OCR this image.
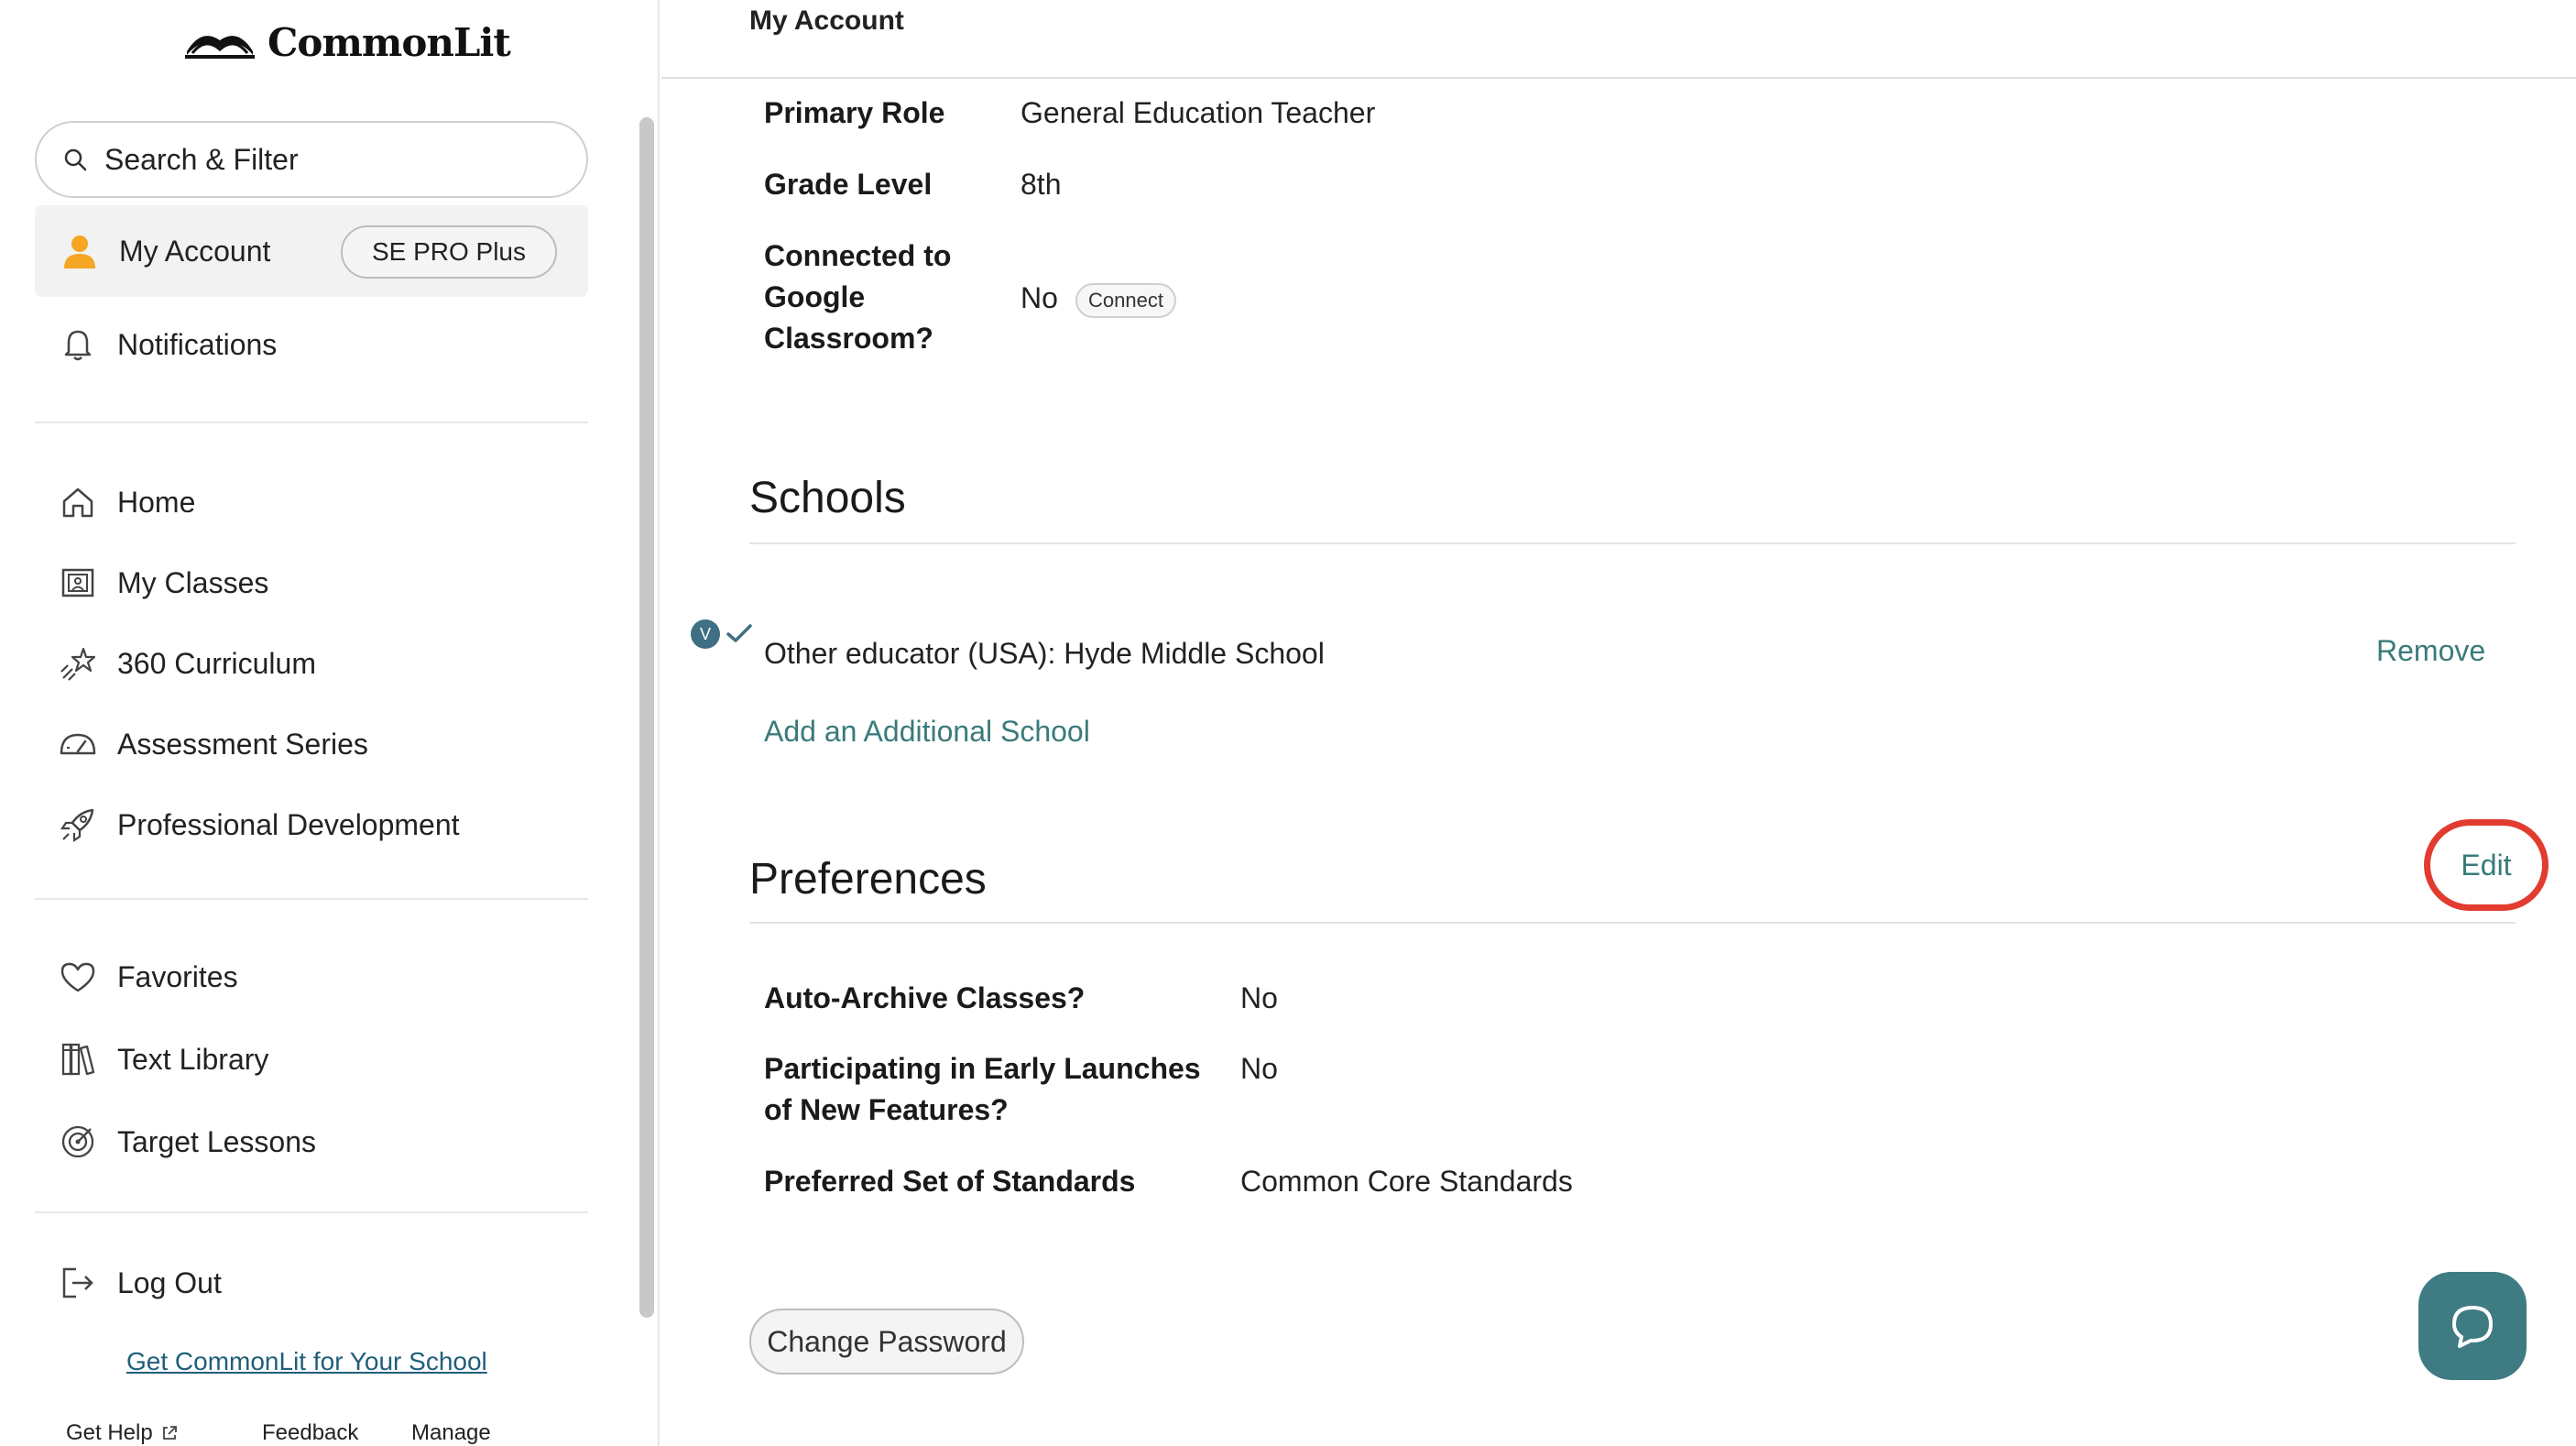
CommonLit
Search & Filter
My Account	SE PRO Plus
Notifications
Home
My Classes
360 Curriculum
Assessment Series
Professional Development
Favorites
Text Library
Target Lessons
Log Out
Get CommonLit for Your School
Get Help	Feedback Manage
My Account
Primary Role	General Education Teacher
Grade Level	8th
Connected to
Google
Classroom?
No	Connect
Schools
V
Other educator (USA): Hyde Middle School	Remove
Add an Additional School
Preferences	Edit
Auto-Archive Classes?	No
Participating in Early Launches
of New Features?
No
Preferred Set of Standards	Common Core Standards
Change Password
